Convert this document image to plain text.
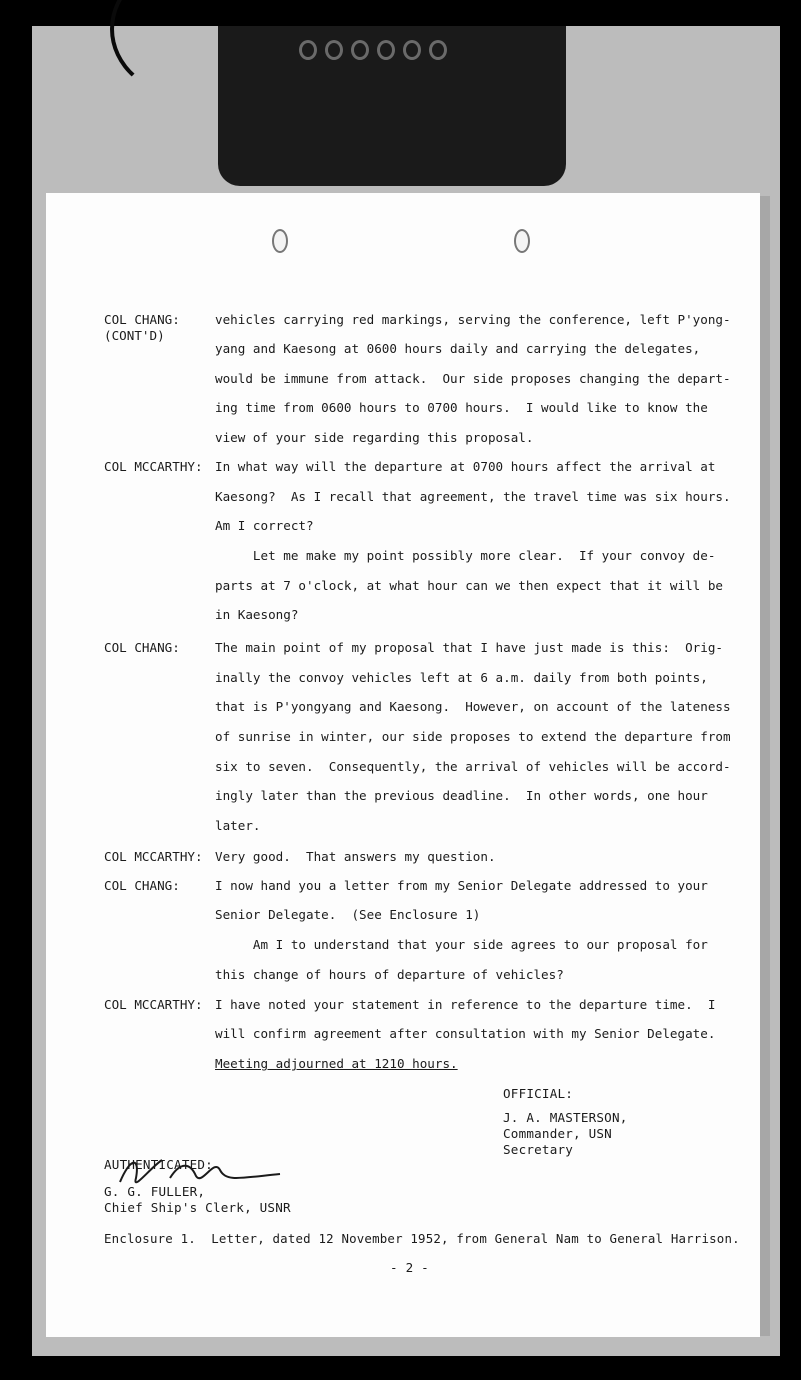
COL CHANG:
(CONT'D)
vehicles carrying red markings, serving the conference, left P'yong-
yang and Kaesong at 0600 hours daily and carrying the delegates,
would be immune from attack.  Our side proposes changing the depart-
ing time from 0600 hours to 0700 hours.  I would like to know the
view of your side regarding this proposal.
COL MCCARTHY: In what way will the departure at 0700 hours affect the arrival at
Kaesong?  As I recall that agreement, the travel time was six hours.
Am I correct?
Let me make my point possibly more clear.  If your convoy de-
parts at 7 o'clock, at what hour can we then expect that it will be
in Kaesong?
COL CHANG:	The main point of my proposal that I have just made is this:  Orig-
inally the convoy vehicles left at 6 a.m. daily from both points,
that is P'yongyang and Kaesong.  However, on account of the lateness
of sunrise in winter, our side proposes to extend the departure from
six to seven.  Consequently, the arrival of vehicles will be accord-
ingly later than the previous deadline.  In other words, one hour
later.
COL MCCARTHY: Very good.  That answers my question.
COL CHANG:	I now hand you a letter from my Senior Delegate addressed to your
Senior Delegate.  (See Enclosure 1)
Am I to understand that your side agrees to our proposal for
this change of hours of departure of vehicles?
COL MCCARTHY: I have noted your statement in reference to the departure time.  I
will confirm agreement after consultation with my Senior Delegate.
Meeting adjourned at 1210 hours.
OFFICIAL:
J. A. MASTERSON,
Commander, USN
Secretary
AUTHENTICATED:
G. G. FULLER,
Chief Ship's Clerk, USNR
Enclosure 1.  Letter, dated 12 November 1952, from General Nam to General Harrison.
- 2 -
